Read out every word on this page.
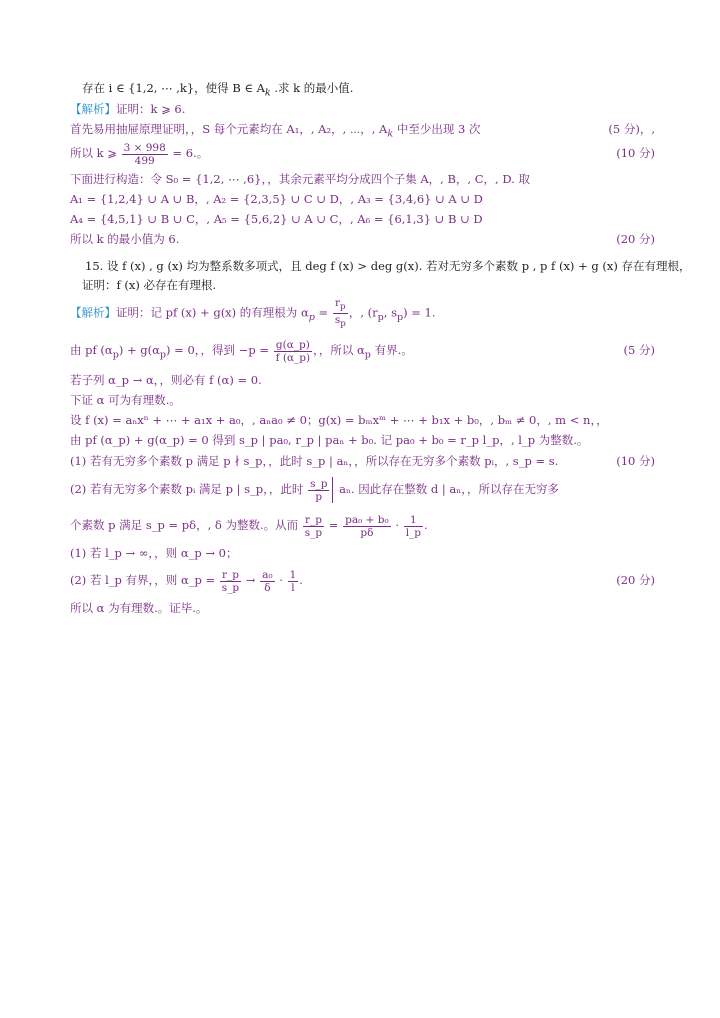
存在 i ∈ {1,2, ⋯ ,k}，使得 B ∈ $A_k$ .求 k 的最小值.
【解析】证明：k ⩾ 6.
首先易用抽屉原理证明，，S 每个元素均在 A₁，, A₂，, ⋯，, $A_k$ 中至少出现 3 次	(5 分)，,
所以 k ⩾ $\frac{3 \times 998}{499} = 6$.。	(10 分)
下面进行构造：令 S₀ = {1,2, ⋯ ,6}，，其余元素平均分成四个子集 A，, B，, C，, D. 取
A₁ = {1,2,4} ∪ A ∪ B，, A₂ = {2,3,5} ∪ C ∪ D，, A₃ = {3,4,6} ∪ A ∪ D
A₄ = {4,5,1} ∪ B ∪ C，, A₅ = {5,6,2} ∪ A ∪ C，, A₆ = {6,1,3} ∪ B ∪ D
所以 k 的最小值为 6.	(20 分)
15. 设 f (x) , g (x) 均为整系数多项式，且 deg f (x) > deg g(x). 若对无穷多个素数 p , p f (x) + g (x) 存在有理根，
证明：f (x) 必存在有理根.
【解析】证明：记 pf (x) + g(x) 的有理根为 $\alpha_p = \frac{r_p}{s_p}$ ，, ($r_p$, $s_p) = 1$.
由 pf $(\alpha_p) + g(\alpha_p) = 0$，，得到 $-p = \frac{g(\alpha\_p)}{f (\alpha\_p)}$ ，，所以 $\alpha_p$ 有界.。	(5 分)
若子列 α_p → α，，则必有 f (α) = 0.
下证 α 可为有理数.。
设 f (x) = aₙxⁿ + ⋯ + a₁x + a₀，, aₙa₀ ≠ 0；g(x) = bₘxᵐ + ⋯ + b₁x + b₀，, bₘ ≠ 0，, m < n，，
由 pf (α_p) + g(α_p) = 0 得到 s_p | pa₀, r_p | paₙ + b₀. 记 pa₀ + b₀ = r_p l_p，, l_p 为整数.。
(1) 若有无穷多个素数 p 满足 p ∤ s_p，，此时 s_p | aₙ，，所以存在无穷多个素数 pᵢ，, s_p = s.	(10 分)
(2) 若有无穷多个素数 pᵢ 满足 p | s_p，，此时 $\frac{s\_p}{p} a_n$. 因此存在整数 d | aₙ，，所以存在无穷多
个素数 p 满足 s_p = pδ，, δ 为整数.。从而 $\frac{r\_p}{s\_p} = \frac{\text{pa₀ + b₀}}{p\delta} \cdot \frac{1}{l\_p}$ .
(1) 若 l_p → ∞，，则 α_p → 0；
(2) 若 l_p 有界，，则 α_p = $\frac{r\_p}{s\_p} \to \frac{\text{a₀}}{\delta} \cdot \frac{1}{l}$ .	(20 分)
所以 α 为有理数.。证毕.。
